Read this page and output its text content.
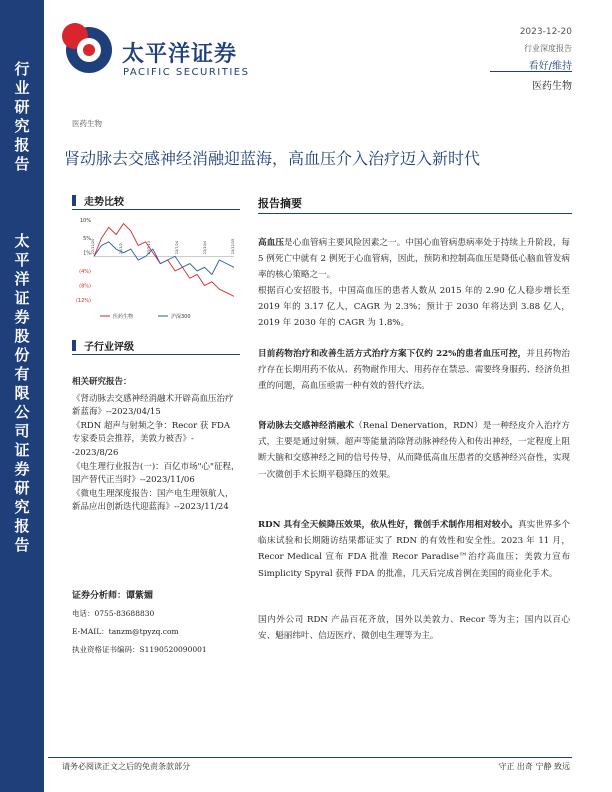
行
业
研
究
报
告
太
平
洋
证
券
股
份
有
限
公
司
证
券
研
究
报
告
太平洋证券
PACIFIC SECURITIES
2023-12-20
行业深度报告
看好/维持
医药生物
医药生物
肾动脉去交感神经消融迎蓝海，高血压介入治疗迈入新时代
走势比较
10%
5%
1%
(4%)
(8%)
(12%)
22/12/20	23/3/2	23/5/13	23/7/24	23/10/4	23/12/15
医药生物	沪深300
子行业评级
相关研究报告：

《肾动脉去交感神经消融术开辟高血压治疗新蓝海》--2023/04/15

《RDN 超声与射频之争：Recor 获 FDA 专家委员会推荐，美敦力被否》--2023/8/26

《电生理行业报告(一)：百亿市场"心"征程，国产替代正当时》--2023/11/06

《微电生理深度报告：国产电生理领航人，新品应出创新迭代迎蓝海》--2023/11/24

证券分析师：谭紫媚
电话：0755-83688830
E-MAIL：tanzm@tpyzq.com
执业资格证书编码：S1190520090001
报告摘要
高血压是心血管病主要风险因素之一。中国心血管病患病率处于持续上升阶段，每 5 例死亡中就有 2 例死于心血管病，因此，预防和控制高血压是降低心脑血管发病率的核心策略之一。
根据百心安招股书，中国高血压的患者人数从 2015 年的 2.90 亿人稳步增长至 2019 年的 3.17 亿人，CAGR 为 2.3%；预计于 2030 年将达到 3.88 亿人，2019 年 2030 年的 CAGR 为 1.8%。
目前药物治疗和改善生活方式治疗方案下仅约 22%的患者血压可控，并且药物治疗存在长期用药不依从、药物耐作用大、用药存在禁忌、需要终身服药、经济负担重的问题，高血压亟需一种有效的替代疗法。
肾动脉去交感神经消融术（Renal Denervation，RDN）是一种经皮介入治疗方式，主要是通过射频、超声等能量消除肾动脉神经传入和传出神经，一定程度上阻断大脑和交感神经之间的信号传导，从而降低高血压患者的交感神经兴奋性，实现一次微创手术长期平稳降压的效果。
RDN 具有全天候降压效果，依从性好，微创手术制作用相对较小。真实世界多个临床试验和长期随访结果都证实了 RDN 的有效性和安全性。2023 年 11 月，Recor Medical 宣布 FDA 批准 Recor Paradise™治疗高血压；美敦力宣布 Simplicity Spyral 获得 FDA 的批准，几天后完成首例在美国的商业化手术。
国内外公司 RDN 产品百花齐放，国外以美敦力、Recor 等为主；国内以百心安、魁丽纬叶、信迈医疗、微创电生理等为主。
请务必阅读正文之后的免责条款部分	守正 出奇 宁静 致远
